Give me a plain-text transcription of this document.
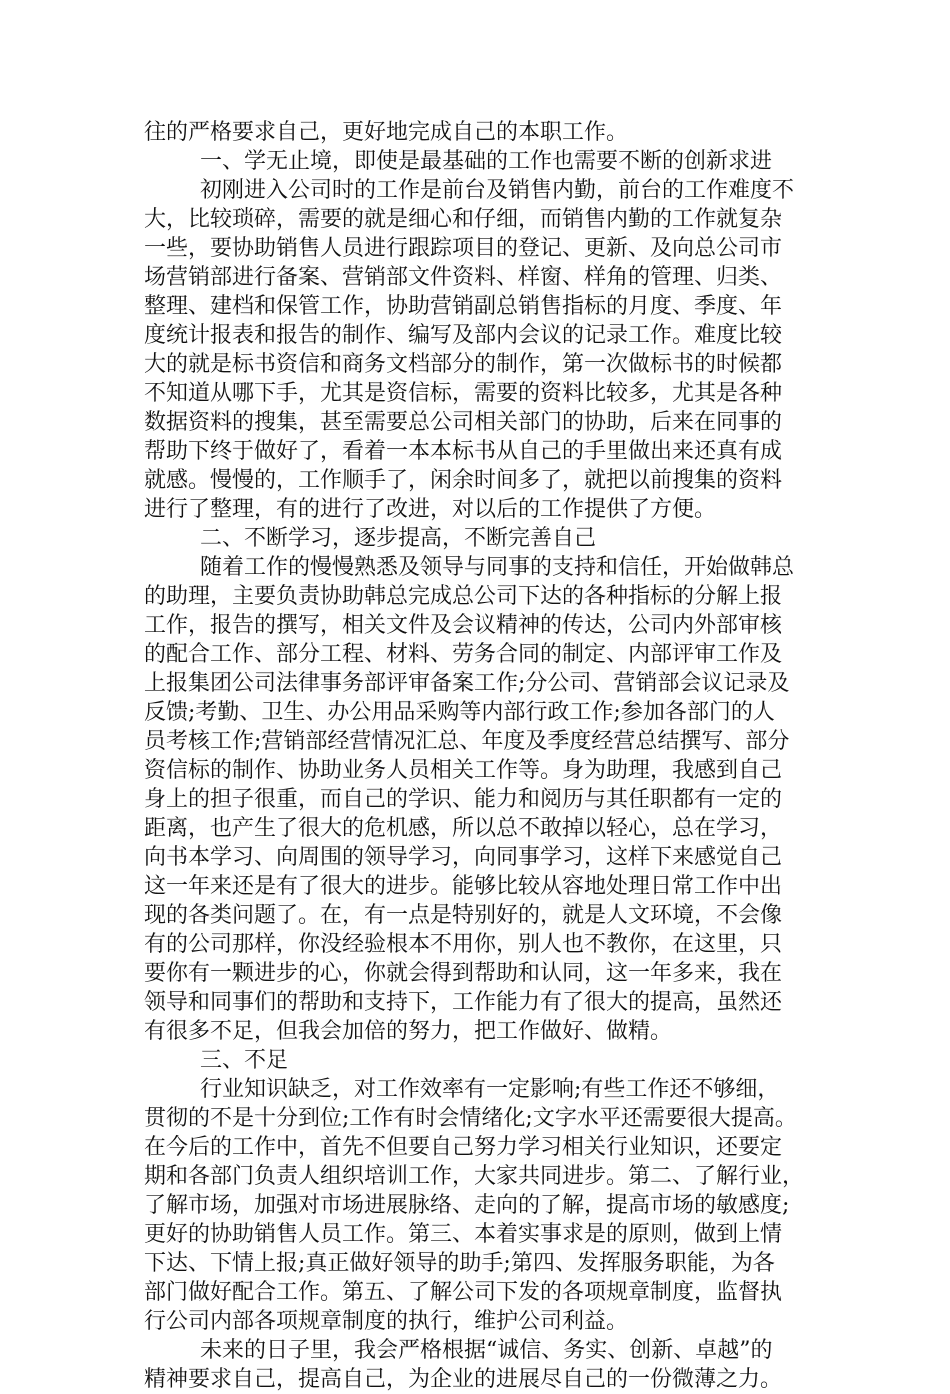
往的严格要求自己，更好地完成自己的本职工作。
一、学无止境，即使是最基础的工作也需要不断的创新求进
初刚进入公司时的工作是前台及销售内勤，前台的工作难度不
大，比较琐碎，需要的就是细心和仔细，而销售内勤的工作就复杂
一些，要协助销售人员进行跟踪项目的登记、更新、及向总公司市
场营销部进行备案、营销部文件资料、样窗、样角的管理、归类、
整理、建档和保管工作，协助营销副总销售指标的月度、季度、年
度统计报表和报告的制作、编写及部内会议的记录工作。难度比较
大的就是标书资信和商务文档部分的制作，第一次做标书的时候都
不知道从哪下手，尤其是资信标，需要的资料比较多，尤其是各种
数据资料的搜集，甚至需要总公司相关部门的协助，后来在同事的
帮助下终于做好了，看着一本本标书从自己的手里做出来还真有成
就感。慢慢的，工作顺手了，闲余时间多了，就把以前搜集的资料
进行了整理，有的进行了改进，对以后的工作提供了方便。
二、不断学习，逐步提高，不断完善自己
随着工作的慢慢熟悉及领导与同事的支持和信任，开始做韩总
的助理，主要负责协助韩总完成总公司下达的各种指标的分解上报
工作，报告的撰写，相关文件及会议精神的传达，公司内外部审核
的配合工作、部分工程、材料、劳务合同的制定、内部评审工作及
上报集团公司法律事务部评审备案工作;分公司、营销部会议记录及
反馈;考勤、卫生、办公用品采购等内部行政工作;参加各部门的人
员考核工作;营销部经营情况汇总、年度及季度经营总结撰写、部分
资信标的制作、协助业务人员相关工作等。身为助理，我感到自己
身上的担子很重，而自己的学识、能力和阅历与其任职都有一定的
距离，也产生了很大的危机感，所以总不敢掉以轻心，总在学习，
向书本学习、向周围的领导学习，向同事学习，这样下来感觉自己
这一年来还是有了很大的进步。能够比较从容地处理日常工作中出
现的各类问题了。在，有一点是特别好的，就是人文环境，不会像
有的公司那样，你没经验根本不用你，别人也不教你，在这里，只
要你有一颗进步的心，你就会得到帮助和认同，这一年多来，我在
领导和同事们的帮助和支持下，工作能力有了很大的提高，虽然还
有很多不足，但我会加倍的努力，把工作做好、做精。
三、不足
行业知识缺乏，对工作效率有一定影响;有些工作还不够细，
贯彻的不是十分到位;工作有时会情绪化;文字水平还需要很大提高。
在今后的工作中，首先不但要自己努力学习相关行业知识，还要定
期和各部门负责人组织培训工作，大家共同进步。第二、了解行业，
了解市场，加强对市场进展脉络、走向的了解，提高市场的敏感度;
更好的协助销售人员工作。第三、本着实事求是的原则，做到上情
下达、下情上报;真正做好领导的助手;第四、发挥服务职能，为各
部门做好配合工作。第五、了解公司下发的各项规章制度，监督执
行公司内部各项规章制度的执行，维护公司利益。
未来的日子里，我会严格根据“诚信、务实、创新、卓越”的
精神要求自己，提高自己，为企业的进展尽自己的一份微薄之力。
